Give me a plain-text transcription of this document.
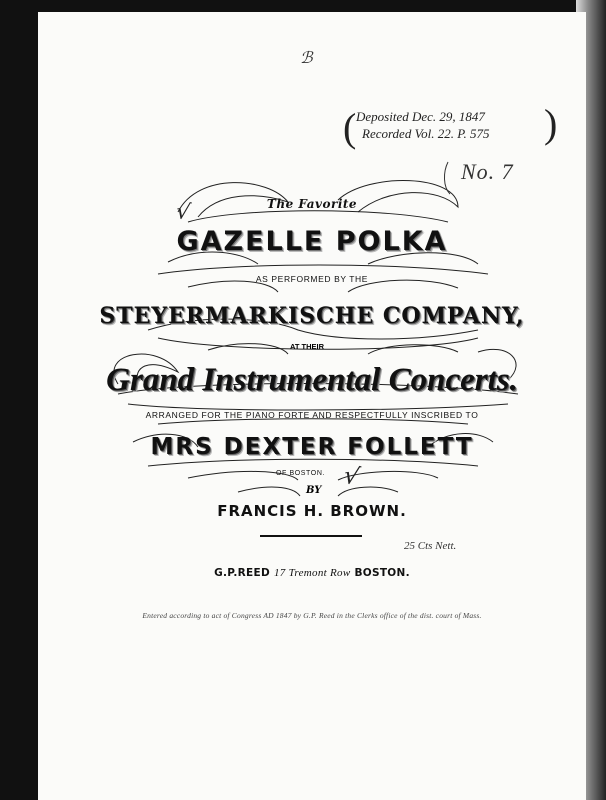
ℬ
( Deposited Dec. 29, 1847
Recorded Vol. 22. P. 575 )
No. 7
√	The Favorite
GAZELLE POLKA
AS PERFORMED BY THE
STEYERMARKISCHE COMPANY,
AT THEIR
Grand Instrumental Concerts.
ARRANGED FOR THE PIANO FORTE AND RESPECTFULLY INSCRIBED TO
MRS DEXTER FOLLETT
OF BOSTON. √
BY
FRANCIS H. BROWN.
25 Cts Nett.
G.P.REED 17 Tremont Row BOSTON.
Entered according to act of Congress AD 1847 by G.P. Reed in the Clerks office of the dist. court of Mass.
